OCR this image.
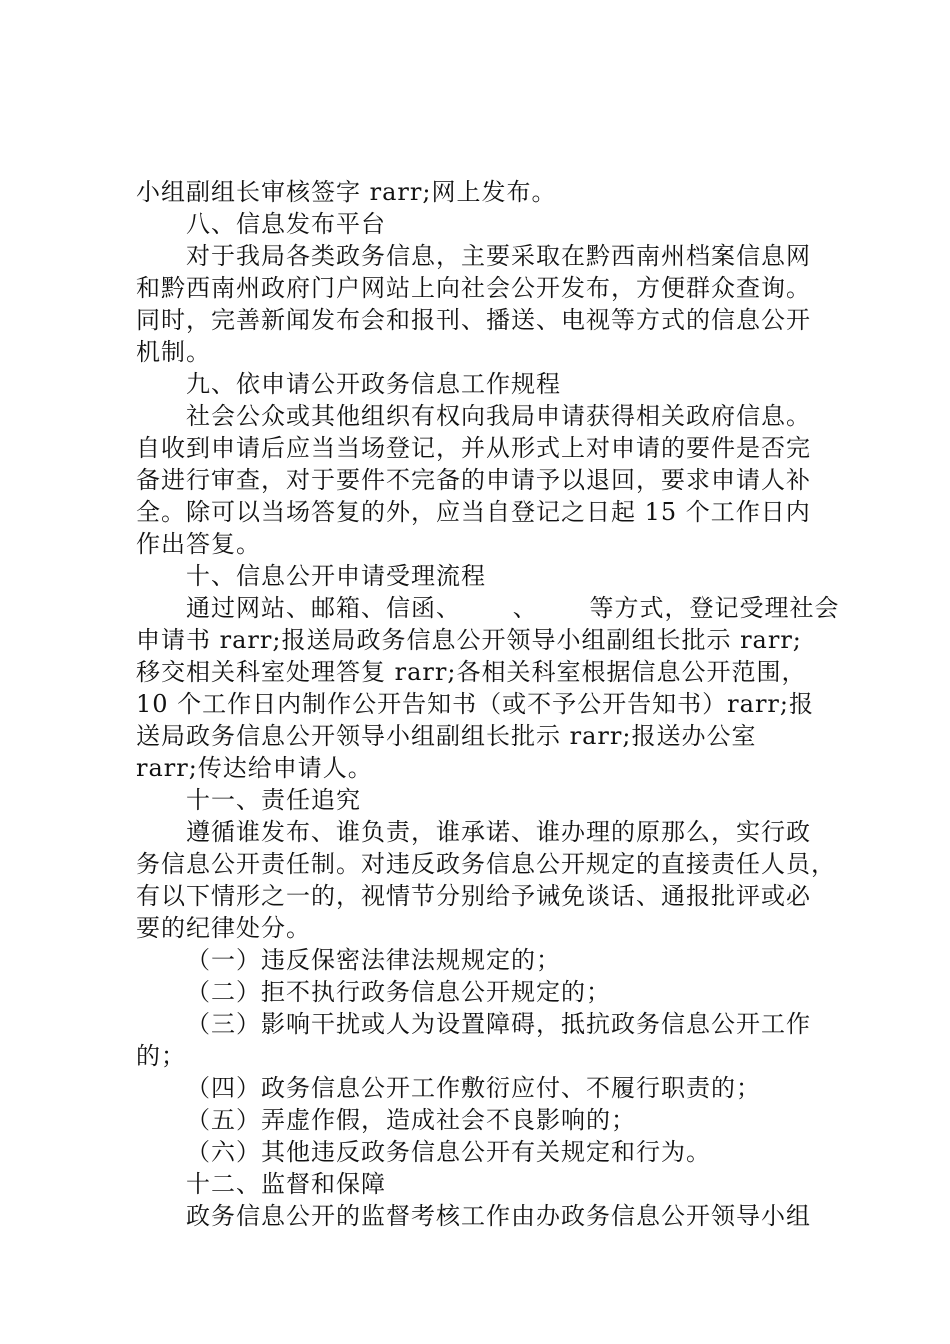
小组副组长审核签字 rarr;网上发布。
八、信息发布平台
对于我局各类政务信息，主要采取在黔西南州档案信息网
和黔西南州政府门户网站上向社会公开发布，方便群众查询。
同时，完善新闻发布会和报刊、播送、电视等方式的信息公开
机制。
九、依申请公开政务信息工作规程
社会公众或其他组织有权向我局申请获得相关政府信息。
自收到申请后应当当场登记，并从形式上对申请的要件是否完
备进行审查，对于要件不完备的申请予以退回，要求申请人补
全。除可以当场答复的外，应当自登记之日起 15 个工作日内
作出答复。
十、信息公开申请受理流程
通过网站、邮箱、信函、      、      等方式，登记受理社会
申请书 rarr;报送局政务信息公开领导小组副组长批示 rarr;
移交相关科室处理答复 rarr;各相关科室根据信息公开范围，
10 个工作日内制作公开告知书（或不予公开告知书）rarr;报
送局政务信息公开领导小组副组长批示 rarr;报送办公室
rarr;传达给申请人。
十一、责任追究
遵循谁发布、谁负责，谁承诺、谁办理的原那么，实行政
务信息公开责任制。对违反政务信息公开规定的直接责任人员，
有以下情形之一的，视情节分别给予诫免谈话、通报批评或必
要的纪律处分。
（一）违反保密法律法规规定的；
（二）拒不执行政务信息公开规定的；
（三）影响干扰或人为设置障碍，抵抗政务信息公开工作
的；
（四）政务信息公开工作敷衍应付、不履行职责的；
（五）弄虚作假，造成社会不良影响的；
（六）其他违反政务信息公开有关规定和行为。
十二、监督和保障
政务信息公开的监督考核工作由办政务信息公开领导小组
